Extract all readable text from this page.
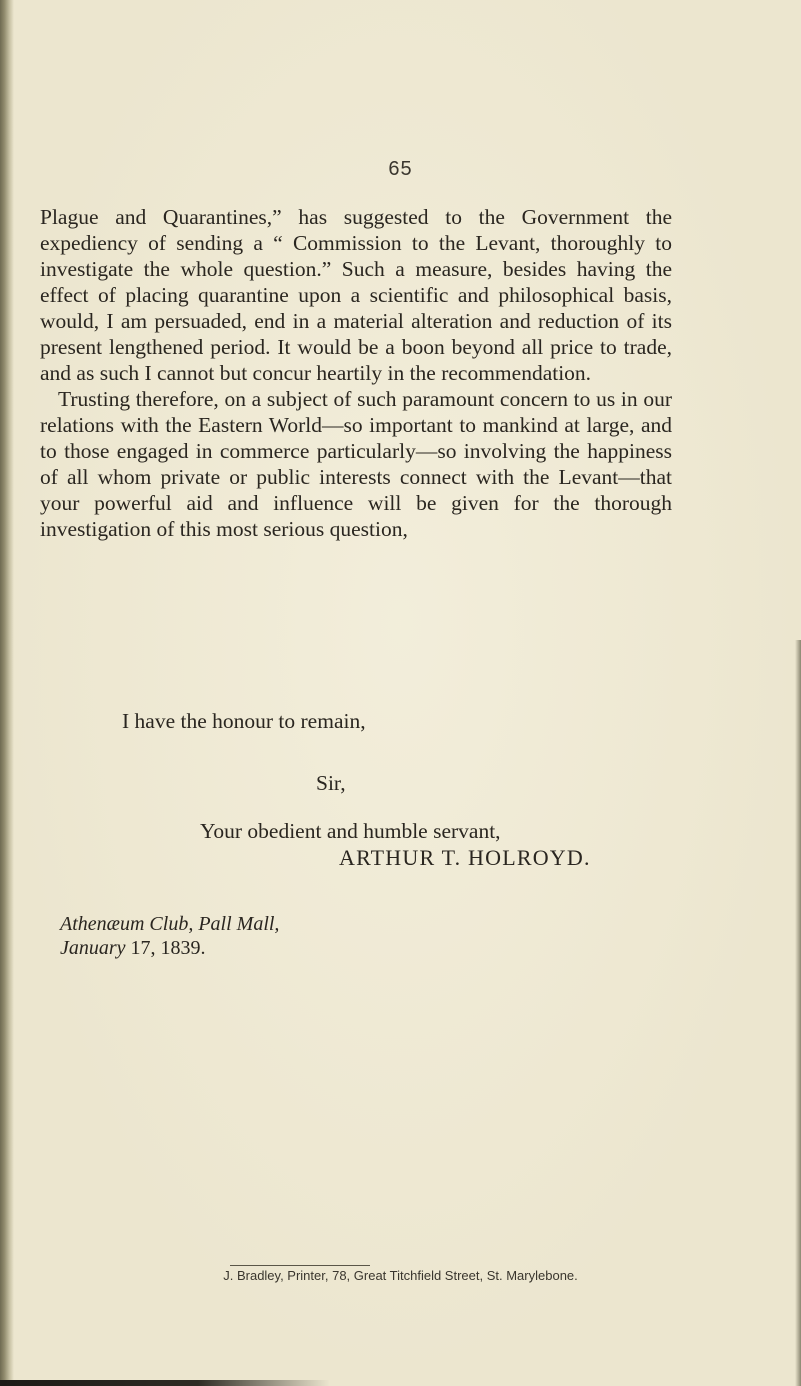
65

Plague and Quarantines,” has suggested to the Government the expediency of sending a “ Commission to the Levant, thoroughly to investigate the whole question.” Such a measure, besides having the effect of placing quarantine upon a scientific and philosophical basis, would, I am persuaded, end in a material alteration and reduction of its present lengthened period. It would be a boon beyond all price to trade, and as such I cannot but concur heartily in the recommendation.

Trusting therefore, on a subject of such paramount concern to us in our relations with the Eastern World—so important to mankind at large, and to those engaged in commerce particularly—so involving the happiness of all whom private or public interests connect with the Levant—that your powerful aid and influence will be given for the thorough investigation of this most serious question,

I have the honour to remain,
Sir,
Your obedient and humble servant,
ARTHUR T. HOLROYD.
Athenæum Club, Pall Mall,
January 17, 1839.
J. Bradley, Printer, 78, Great Titchfield Street, St. Marylebone.
